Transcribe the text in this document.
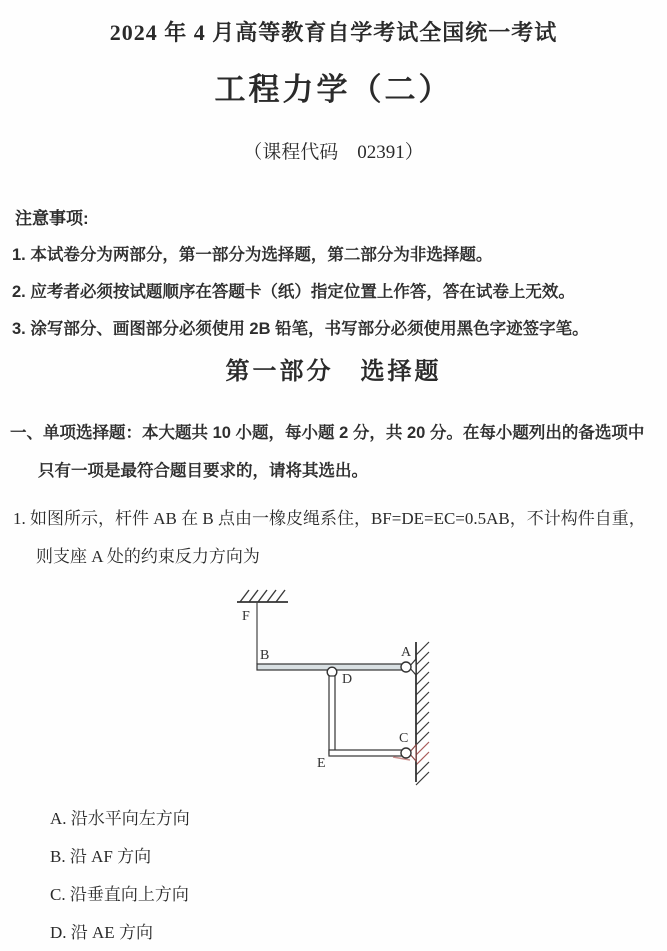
2024 年 4 月高等教育自学考试全国统一考试
工程力学（二）
（课程代码　02391）
注意事项:
1. 本试卷分为两部分，第一部分为选择题，第二部分为非选择题。
2. 应考者必须按试题顺序在答题卡（纸）指定位置上作答，答在试卷上无效。
3. 涂写部分、画图部分必须使用 2B 铅笔，书写部分必须使用黑色字迹签字笔。
第一部分　选择题
一、单项选择题：本大题共 10 小题，每小题 2 分，共 20 分。在每小题列出的备选项中
只有一项是最符合题目要求的，请将其选出。
1. 如图所示，杆件 AB 在 B 点由一橡皮绳系住，BF=DE=EC=0.5AB，不计构件自重，
则支座 A 处的约束反力方向为
F
B	A
D
E
C
A. 沿水平向左方向
B. 沿 AF 方向
C. 沿垂直向上方向
D. 沿 AE 方向
